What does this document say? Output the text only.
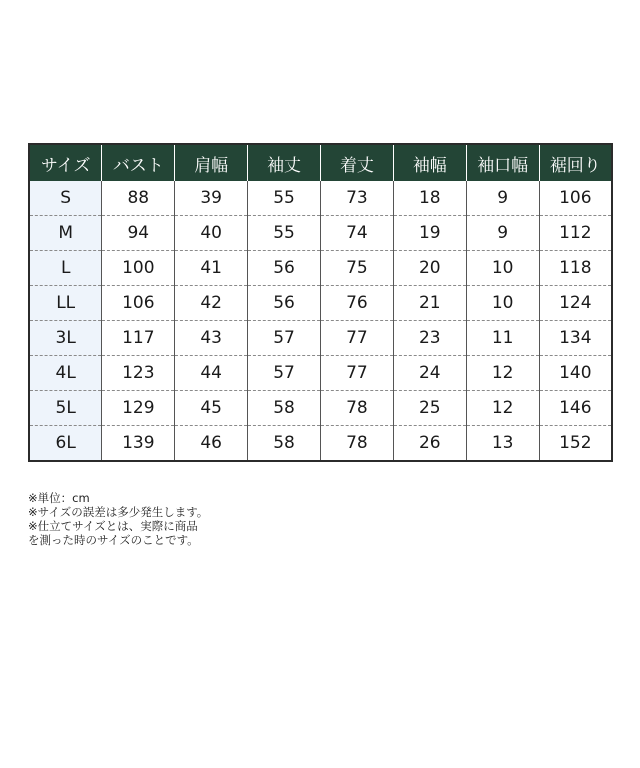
サイズ	バスト	肩幅	袖丈	着丈	袖幅	袖口幅	裾回り
S	88	39	55	73	18	9	106
M	94	40	55	74	19	9	112
L	100	41	56	75	20	10	118
LL	106	42	56	76	21	10	124
3L	117	43	57	77	23	11	134
4L	123	44	57	77	24	12	140
5L	129	45	58	78	25	12	146
6L	139	46	58	78	26	13	152
※単位：cm
※サイズの誤差は多少発生します。
※仕立てサイズとは、実際に商品
を測った時のサイズのことです。
